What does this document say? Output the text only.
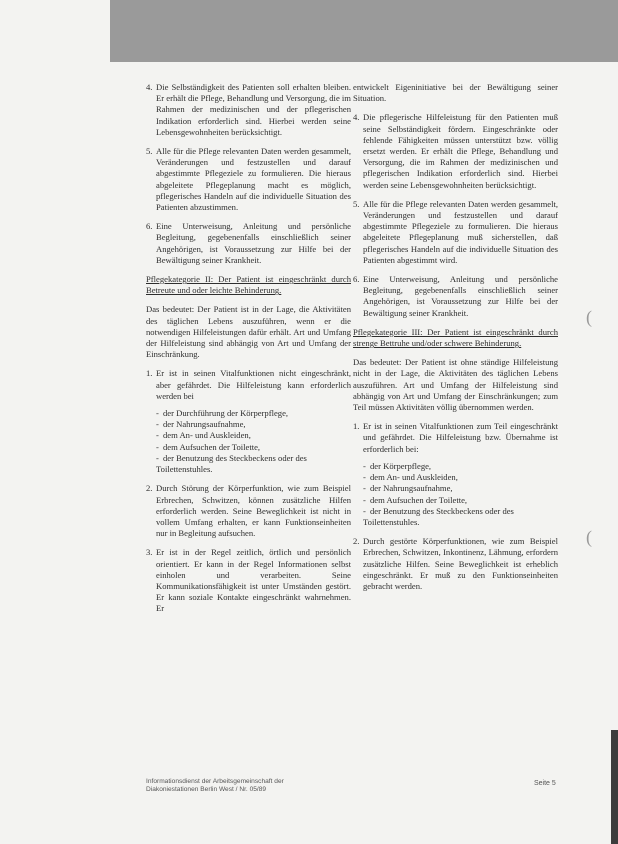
(
(
4. Die Selbständigkeit des Patienten soll erhalten bleiben. Er erhält die Pflege, Behandlung und Versorgung, die im Rahmen der medizinischen und der pflegerischen Indikation erforderlich sind. Hierbei werden seine Lebensgewohnheiten berücksichtigt.
5. Alle für die Pflege relevanten Daten werden gesammelt, Veränderungen und festzustellen und darauf abgestimmte Pflegeziele zu formulieren. Die hieraus abgeleitete Pflegeplanung macht es möglich, pflegerisches Handeln auf die individuelle Situation des Patienten abzustimmen.
6. Eine Unterweisung, Anleitung und persönliche Begleitung, gegebenenfalls einschließlich seiner Angehörigen, ist Voraussetzung zur Hilfe bei der Bewältigung seiner Krankheit.
Pflegekategorie II: Der Patient ist eingeschränkt durch Betreute und oder leichte Behinderung.
Das bedeutet: Der Patient ist in der Lage, die Aktivitäten des täglichen Lebens auszuführen, wenn er die notwendigen Hilfeleistungen dafür erhält. Art und Umfang der Hilfeleistung sind abhängig von Art und Umfang der Einschränkung.
1. Er ist in seinen Vitalfunktionen nicht eingeschränkt, aber gefährdet. Die Hilfeleistung kann erforderlich werden bei
- der Durchführung der Körperpflege,
- der Nahrungsaufnahme,
- dem An- und Auskleiden,
- dem Aufsuchen der Toilette,
- der Benutzung des Steckbeckens oder des Toilettenstuhles.
2. Durch Störung der Körperfunktion, wie zum Beispiel Erbrechen, Schwitzen, können zusätzliche Hilfen erforderlich werden. Seine Beweglichkeit ist nicht in vollem Umfang erhalten, er kann Funktionseinheiten nur in Begleitung aufsuchen.
3. Er ist in der Regel zeitlich, örtlich und persönlich orientiert. Er kann in der Regel Informationen selbst einholen und verarbeiten. Seine Kommunikationsfähigkeit ist unter Umständen gestört. Er kann soziale Kontakte eingeschränkt wahrnehmen. Er
entwickelt Eigeninitiative bei der Bewältigung seiner Situation.
4. Die pflegerische Hilfeleistung für den Patienten muß seine Selbständigkeit fördern. Eingeschränkte oder fehlende Fähigkeiten müssen unterstützt bzw. völlig ersetzt werden. Er erhält die Pflege, Behandlung und Versorgung, die im Rahmen der medizinischen und pflegerischen Indikation erforderlich sind. Hierbei werden seine Lebensgewohnheiten berücksichtigt.
5. Alle für die Pflege relevanten Daten werden gesammelt, Veränderungen und festzustellen und darauf abgestimmte Pflegeziele zu formulieren. Die hieraus abgeleitete Pflegeplanung muß sicherstellen, daß pflegerisches Handeln auf die individuelle Situation des Patienten abgestimmt wird.
6. Eine Unterweisung, Anleitung und persönliche Begleitung, gegebenenfalls einschließlich seiner Angehörigen, ist Voraussetzung zur Hilfe bei der Bewältigung seiner Krankheit.
Pflegekategorie III: Der Patient ist eingeschränkt durch strenge Bettruhe und/oder schwere Behinderung.
Das bedeutet: Der Patient ist ohne ständige Hilfeleistung nicht in der Lage, die Aktivitäten des täglichen Lebens auszuführen. Art und Umfang der Hilfeleistung sind abhängig von Art und Umfang der Einschränkungen; zum Teil müssen Aktivitäten völlig übernommen werden.
1. Er ist in seinen Vitalfunktionen zum Teil eingeschränkt und gefährdet. Die Hilfeleistung bzw. Übernahme ist erforderlich bei:
- der Körperpflege,
- dem An- und Auskleiden,
- der Nahrungsaufnahme,
- dem Aufsuchen der Toilette,
- der Benutzung des Steckbeckens oder des Toilettenstuhles.
2. Durch gestörte Körperfunktionen, wie zum Beispiel Erbrechen, Schwitzen, Inkontinenz, Lähmung, erfordern zusätzliche Hilfen. Seine Beweglichkeit ist erheblich eingeschränkt. Er muß zu den Funktionseinheiten gebracht werden.
Informationsdienst der Arbeitsgemeinschaft der
Diakoniestationen Berlin West / Nr. 05/89
Seite 5
